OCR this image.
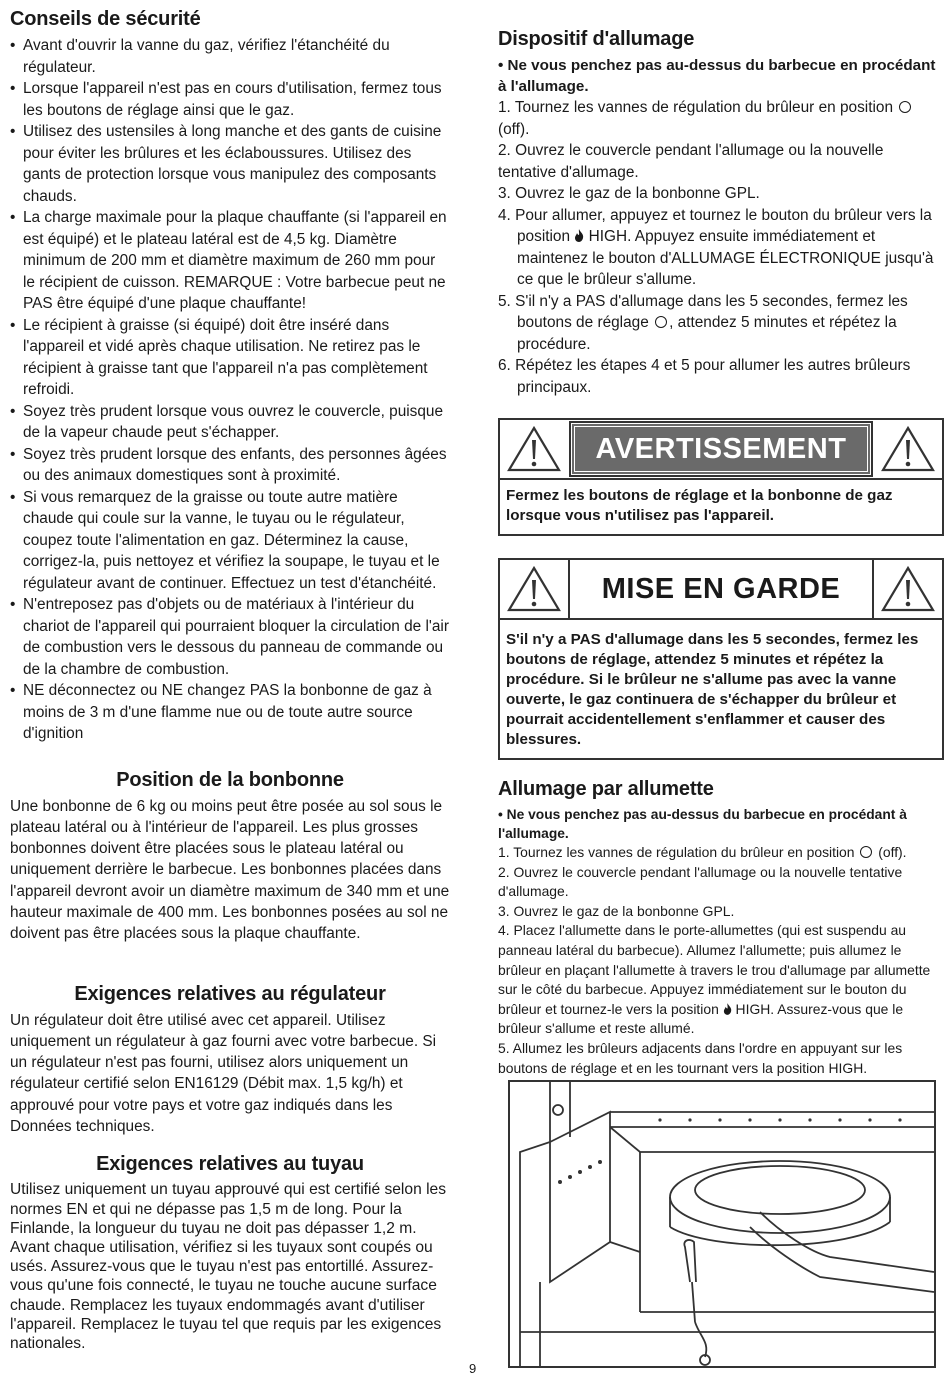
Conseils de sécurité
• Avant d'ouvrir la vanne du gaz, vérifiez l'étanchéité du régulateur.
• Lorsque l'appareil n'est pas en cours d'utilisation, fermez tous les boutons de réglage ainsi que le gaz.
• Utilisez des ustensiles à long manche et des gants de cuisine pour éviter les brûlures et les éclaboussures. Utilisez des gants de protection lorsque vous manipulez des composants chauds.
• La charge maximale pour la plaque chauffante (si l'appareil en est équipé) et le plateau latéral est de 4,5 kg. Diamètre minimum de 200 mm et diamètre maximum de 260 mm pour le récipient de cuisson. REMARQUE : Votre barbecue peut ne PAS être équipé d'une plaque chauffante!
• Le récipient à graisse (si équipé) doit être inséré dans l'appareil et vidé après chaque utilisation. Ne retirez pas le récipient à graisse tant que l'appareil n'a pas complètement refroidi.
• Soyez très prudent lorsque vous ouvrez le couvercle, puisque de la vapeur chaude peut s'échapper.
• Soyez très prudent lorsque des enfants, des personnes âgées ou des animaux domestiques sont à proximité.
• Si vous remarquez de la graisse ou toute autre matière chaude qui coule sur la vanne, le tuyau ou le régulateur, coupez toute l'alimentation en gaz. Déterminez la cause, corrigez-la, puis nettoyez et vérifiez la soupape, le tuyau et le régulateur avant de continuer. Effectuez un test d'étanchéité.
• N'entreposez pas d'objets ou de matériaux à l'intérieur du chariot de l'appareil qui pourraient bloquer la circulation de l'air de combustion vers le dessous du panneau de commande ou de la chambre de combustion.
• NE déconnectez ou NE changez PAS la bonbonne de gaz à moins de 3 m d'une flamme nue ou de toute autre source d'ignition
Position de la bonbonne

Une bonbonne de 6 kg ou moins peut être posée au sol sous le plateau latéral ou à l'intérieur de l'appareil. Les plus grosses bonbonnes doivent être placées sous le plateau latéral ou uniquement derrière le barbecue. Les bonbonnes placées dans l'appareil devront avoir un diamètre maximum de 340 mm et une hauteur maximale de 400 mm. Les bonbonnes posées au sol ne doivent pas être placées sous la plaque chauffante.

Exigences relatives au régulateur

Un régulateur doit être utilisé avec cet appareil. Utilisez uniquement un régulateur à gaz fourni avec votre barbecue. Si un régulateur n'est pas fourni, utilisez alors uniquement un régulateur certifié selon EN16129 (Débit max. 1,5 kg/h) et approuvé pour votre pays et votre gaz indiqués dans les Données techniques.

Exigences relatives au tuyau

Utilisez uniquement un tuyau approuvé qui est certifié selon les normes EN et qui ne dépasse pas 1,5 m de long. Pour la Finlande, la longueur du tuyau ne doit pas dépasser 1,2 m. Avant chaque utilisation, vérifiez si les tuyaux sont coupés ou usés. Assurez-vous que le tuyau n'est pas entortillé. Assurez-vous qu'une fois connecté, le tuyau ne touche aucune surface chaude. Remplacez les tuyaux endommagés avant d'utiliser l'appareil. Remplacez le tuyau tel que requis par les exigences nationales.

Dispositif d'allumage

• Ne vous penchez pas au-dessus du barbecue en procédant à l'allumage.

1. Tournez les vannes de régulation du brûleur en position  (off).
2. Ouvrez le couvercle pendant l'allumage ou la nouvelle tentative d'allumage.
3. Ouvrez le gaz de la bonbonne GPL.
4. Pour allumer, appuyez et tournez le bouton du brûleur vers la position HIGH. Appuyez ensuite immédiatement et maintenez le bouton d'ALLUMAGE ÉLECTRONIQUE jusqu'à ce que le brûleur s'allume.
5. S'il n'y a PAS d'allumage dans les 5 secondes, fermez les boutons de réglage , attendez 5 minutes et répétez la procédure.
6. Répétez les étapes 4 et 5 pour allumer les autres brûleurs principaux.
AVERTISSEMENT
Fermez les boutons de réglage et la bonbonne de gaz lorsque vous n'utilisez pas l'appareil.
MISE EN GARDE
S'il n'y a PAS d'allumage dans les 5 secondes, fermez les boutons de réglage, attendez 5 minutes et répétez la procédure. Si le brûleur ne s'allume pas avec la vanne ouverte, le gaz continuera de s'échapper du brûleur et pourrait accidentellement s'enflammer et causer des blessures.
Allumage par allumette

• Ne vous penchez pas au-dessus du barbecue en procédant à l'allumage.

1. Tournez les vannes de régulation du brûleur en position (off).
2. Ouvrez le couvercle pendant l'allumage ou la nouvelle tentative d'allumage.
3. Ouvrez le gaz de la bonbonne GPL.
4. Placez l'allumette dans le porte-allumettes (qui est suspendu au panneau latéral du barbecue). Allumez l'allumette; puis allumez le brûleur en plaçant l'allumette à travers le trou d'allumage par allumette sur le côté du barbecue. Appuyez immédiatement sur le bouton du brûleur et tournez-le vers la position HIGH. Assurez-vous que le brûleur s'allume et reste allumé.
5. Allumez les brûleurs adjacents dans l'ordre en appuyant sur les boutons de réglage et en les tournant vers la position HIGH.
9
